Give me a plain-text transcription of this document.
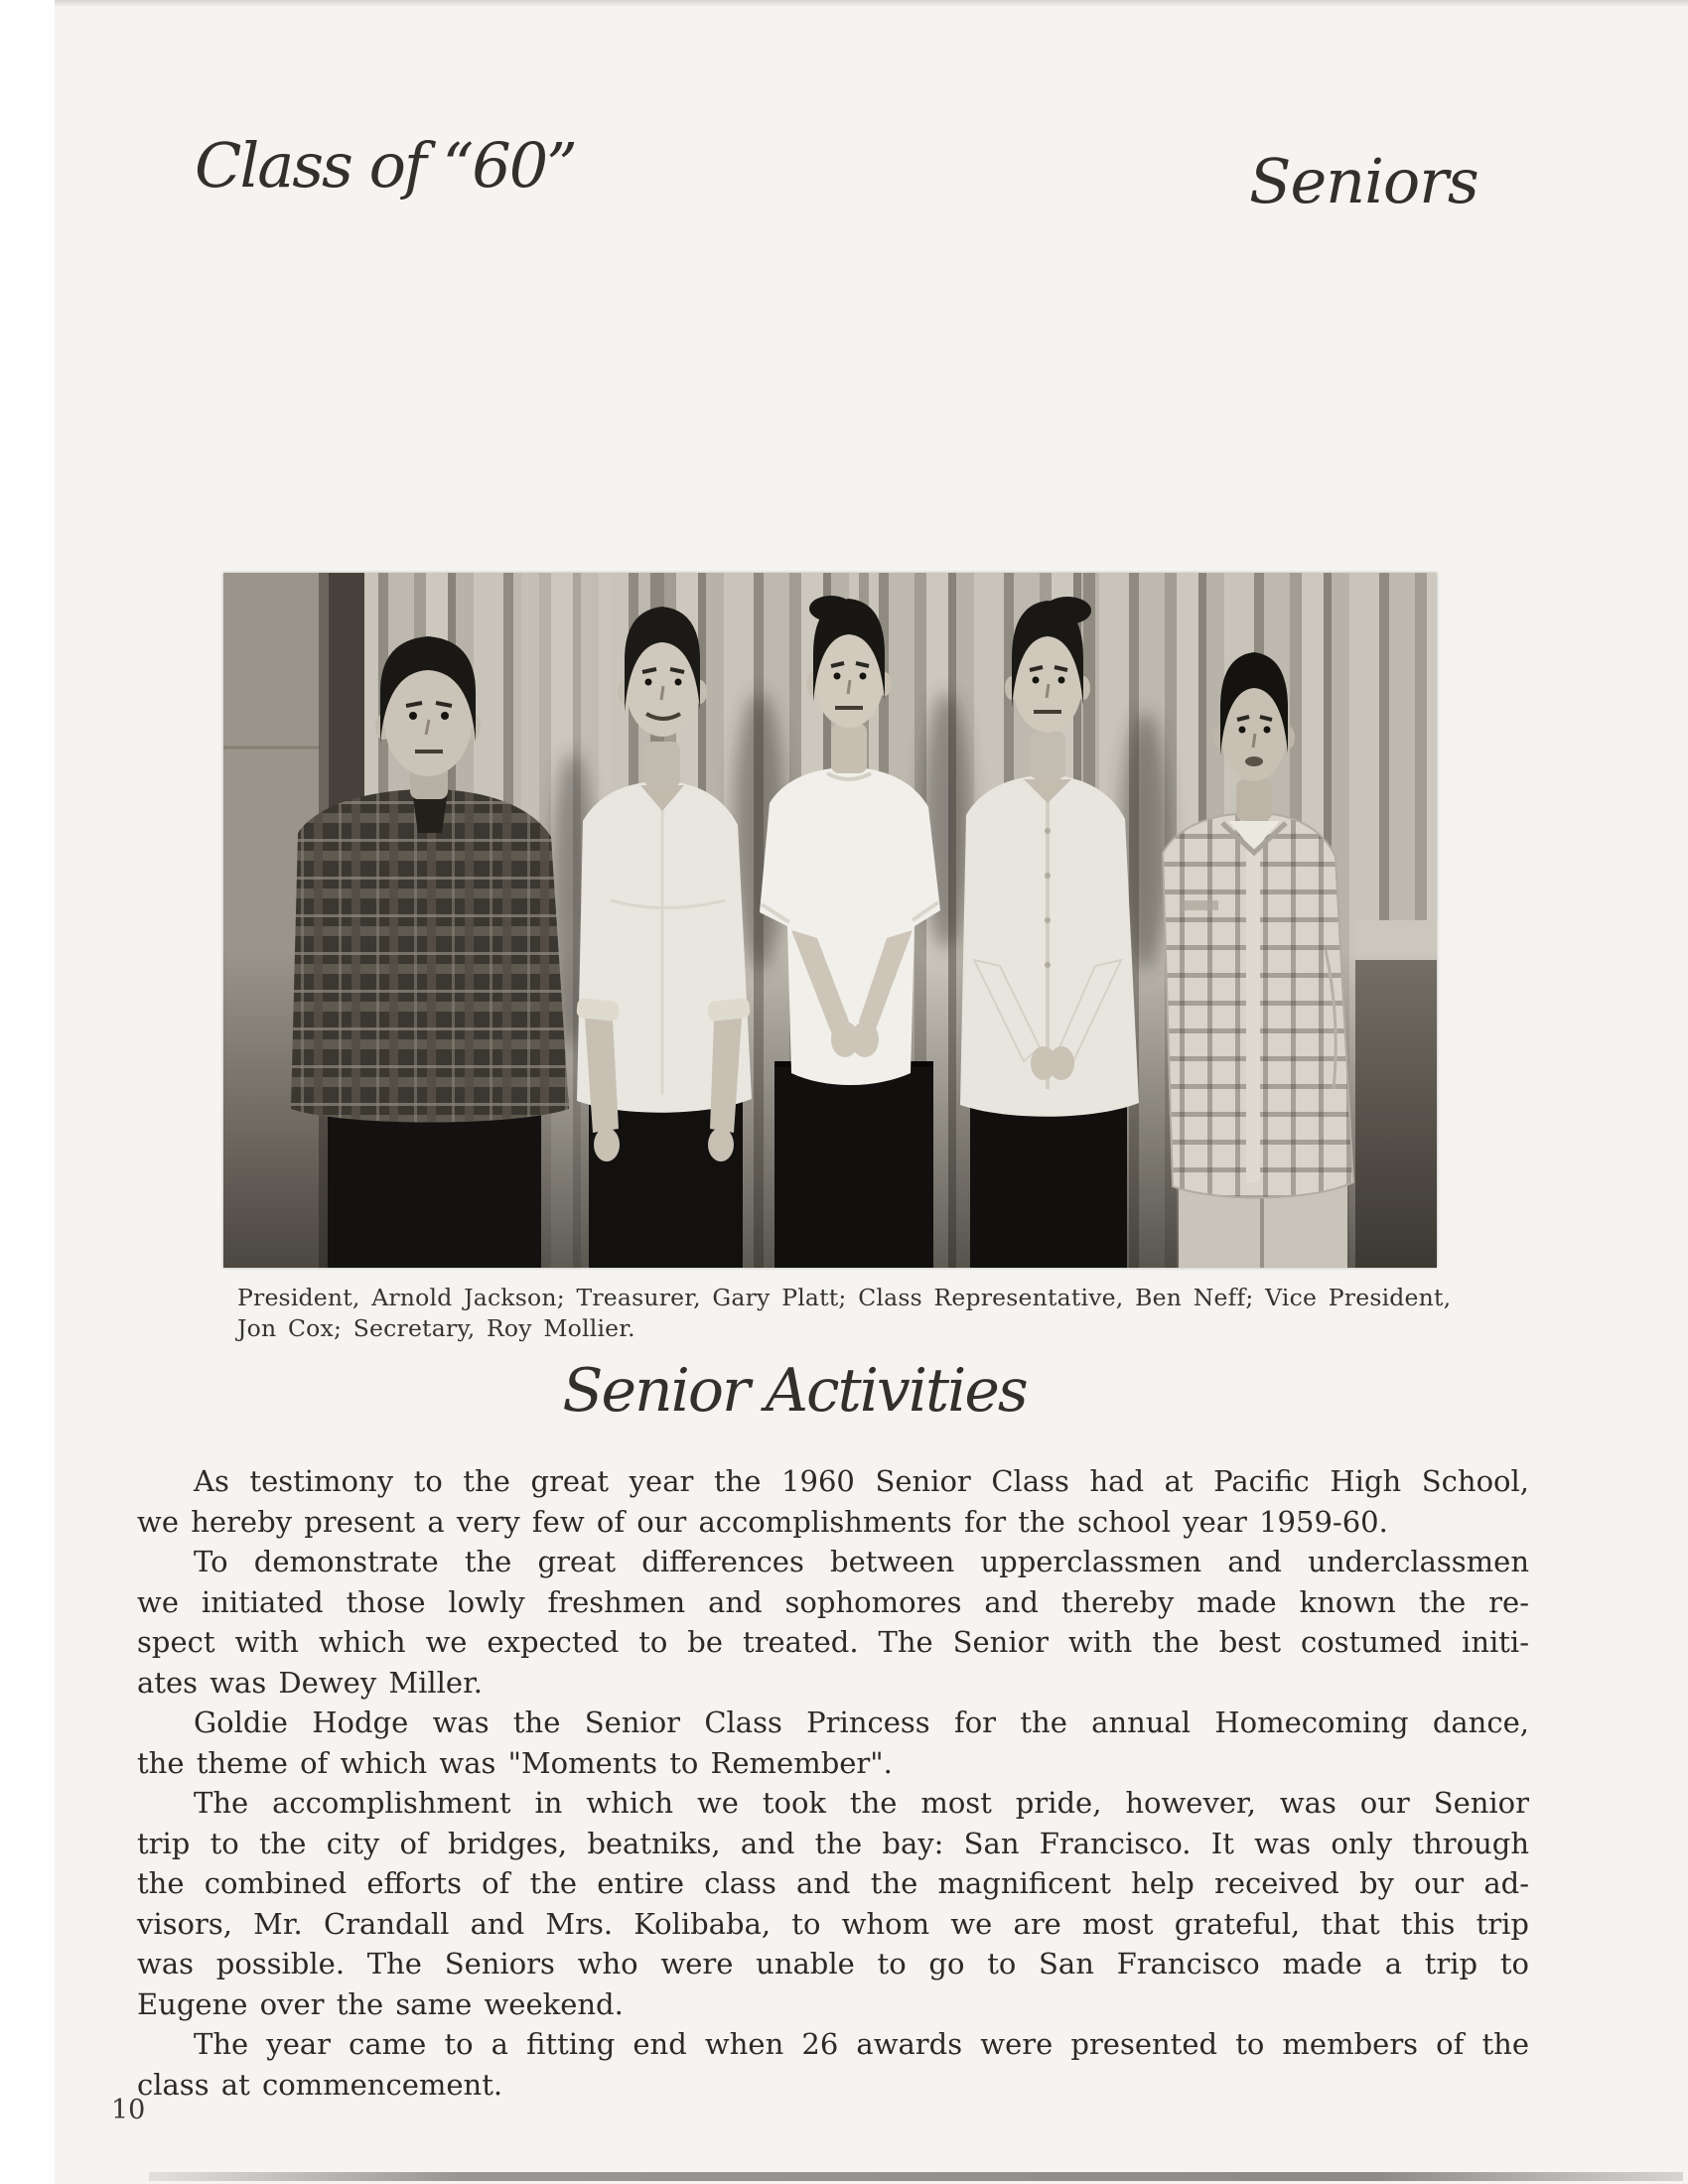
Class of “60”	Seniors
President, Arnold Jackson; Treasurer, Gary Platt; Class Representative, Ben Neff; Vice President,
Jon Cox; Secretary, Roy Mollier.
Senior Activities
As testimony to the great year the 1960 Senior Class had at Pacific High School,
we hereby present a very few of our accomplishments for the school year 1959-60.
To demonstrate the great differences between upperclassmen and underclassmen
we initiated those lowly freshmen and sophomores and thereby made known the re-
spect with which we expected to be treated. The Senior with the best costumed initi-
ates was Dewey Miller.
Goldie Hodge was the Senior Class Princess for the annual Homecoming dance,
the theme of which was "Moments to Remember".
The accomplishment in which we took the most pride, however, was our Senior
trip to the city of bridges, beatniks, and the bay: San Francisco. It was only through
the combined efforts of the entire class and the magnificent help received by our ad-
visors, Mr. Crandall and Mrs. Kolibaba, to whom we are most grateful, that this trip
was possible. The Seniors who were unable to go to San Francisco made a trip to
Eugene over the same weekend.
The year came to a fitting end when 26 awards were presented to members of the
class at commencement.
10
